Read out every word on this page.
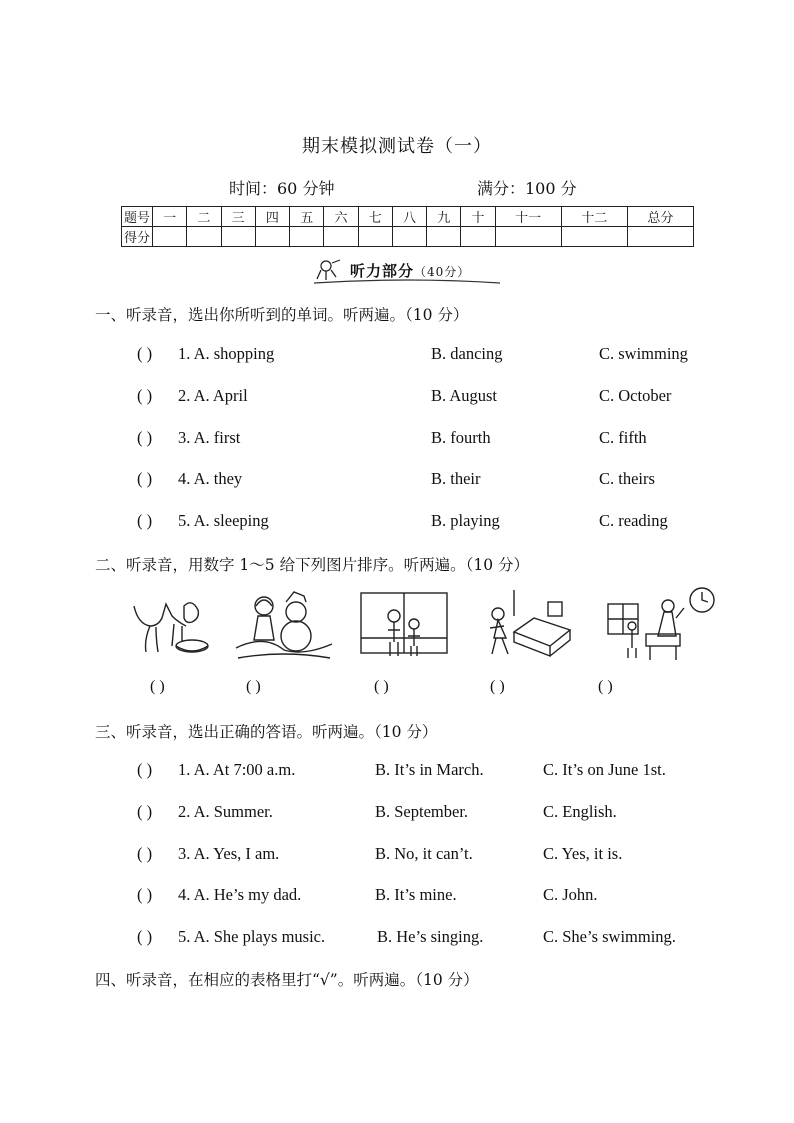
期末模拟测试卷（一）
时间：60 分钟	满分：100 分
题号	一	二	三	四	五	六	七	八	九	十	十一	十二	总分
得分													
听力部分（40分）
一、听录音，选出你所听到的单词。听两遍。（10 分）
( ) 1. A. shopping	B. dancing	C. swimming
( ) 2. A. April	B. August	C. October
( ) 3. A. first	B. fourth	C. fifth
( ) 4. A. they	B. their	C. theirs
( ) 5. A. sleeping	B. playing	C. reading
二、听录音，用数字 1～5 给下列图片排序。听两遍。（10 分）
( )	( )	( )	( )	( )
三、听录音，选出正确的答语。听两遍。（10 分）
( ) 1. A. At 7:00 a.m.	B. It’s in March.	C. It’s on June 1st.
( ) 2. A. Summer.	B. September.	C. English.
( ) 3. A. Yes, I am.	B. No, it can’t.	C. Yes, it is.
( ) 4. A. He’s my dad.	B. It’s mine.	C. John.
( ) 5. A. She plays music.	B. He’s singing.	C. She’s swimming.
四、听录音，在相应的表格里打“√”。听两遍。（10 分）
